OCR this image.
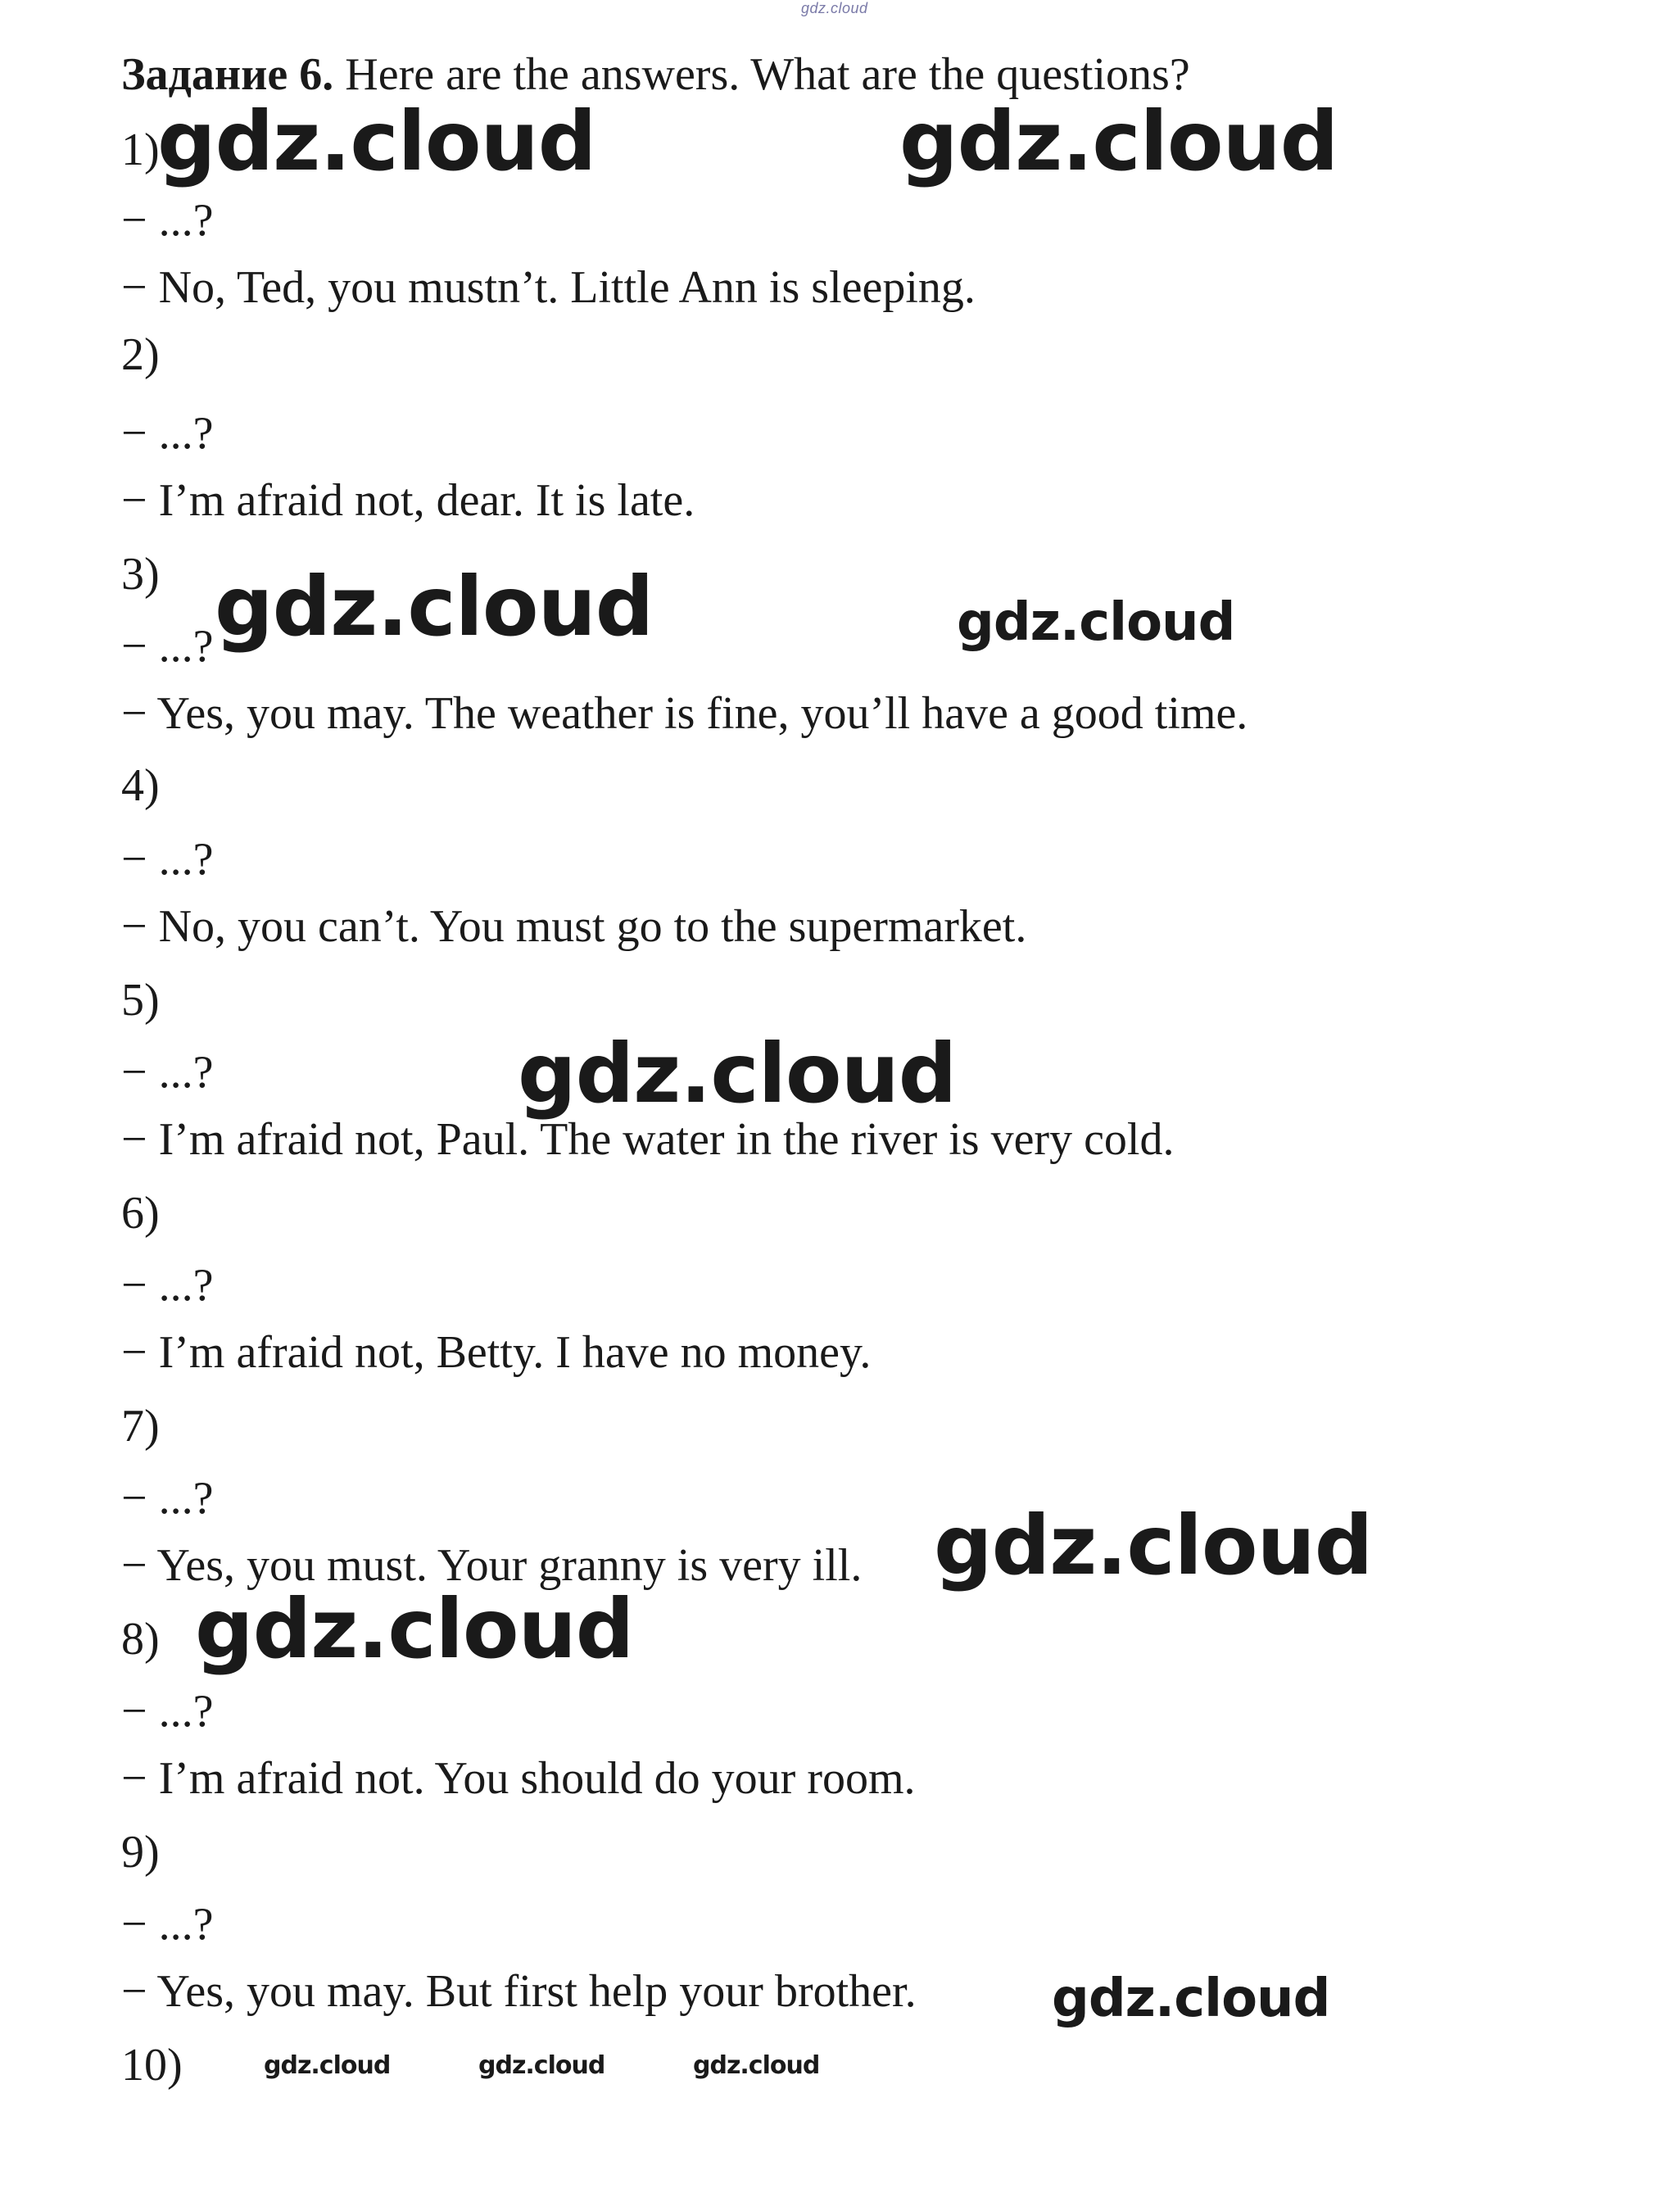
gdz.cloud
Задание 6. Here are the answers. What are the questions?
1)
− ...?
− No, Ted, you mustn’t. Little Ann is sleeping.
2)
− ...?
− I’m afraid not, dear. It is late.
3)
− ...?
− Yes, you may. The weather is fine, you’ll have a good time.
4)
− ...?
− No, you can’t. You must go to the supermarket.
5)
− ...?
− I’m afraid not, Paul. The water in the river is very cold.
6)
− ...?
− I’m afraid not, Betty. I have no money.
7)
− ...?
− Yes, you must. Your granny is very ill.
8)
− ...?
− I’m afraid not. You should do your room.
9)
− ...?
− Yes, you may. But first help your brother.
10)
gdz.cloud	gdz.cloud
gdz.cloud	gdz.cloud
gdz.cloud
gdz.cloud
gdz.cloud
gdz.cloud
gdz.cloud	gdz.cloud	gdz.cloud
